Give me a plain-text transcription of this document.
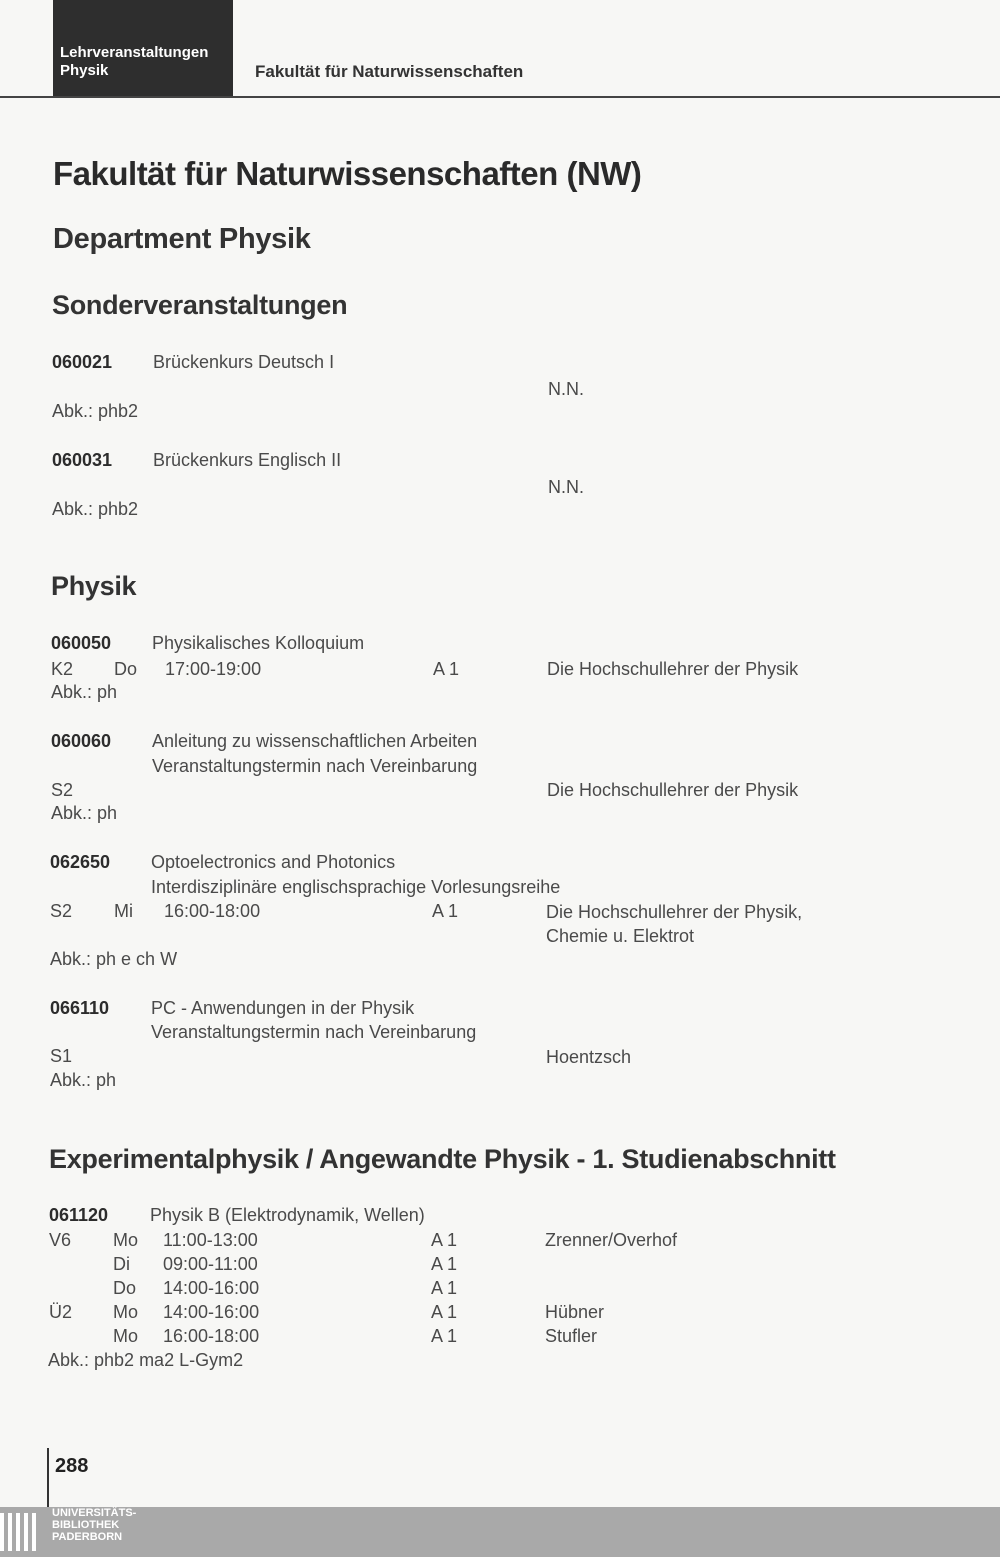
Lehrveranstaltungen
Physik	Fakultät für Naturwissenschaften
Fakultät für Naturwissenschaften (NW)
Department Physik
Sonderveranstaltungen
060021 Brückenkurs Deutsch I
N.N.
Abk.: phb2
060031 Brückenkurs Englisch II
N.N.
Abk.: phb2
Physik
060050 Physikalisches Kolloquium
K2 Do 17:00-19:00	A 1	Die Hochschullehrer der Physik
Abk.: ph
060060 Anleitung zu wissenschaftlichen Arbeiten
Veranstaltungstermin nach Vereinbarung
S2	Die Hochschullehrer der Physik
Abk.: ph
062650 Optoelectronics and Photonics
Interdisziplinäre englischsprachige Vorlesungsreihe
S2 Mi 16:00-18:00	A 1	Die Hochschullehrer der Physik,
Chemie u. Elektrot
Abk.: ph e ch W
066110 PC - Anwendungen in der Physik
Veranstaltungstermin nach Vereinbarung
S1	Hoentzsch
Abk.: ph
Experimentalphysik / Angewandte Physik - 1. Studienabschnitt
061120 Physik B (Elektrodynamik, Wellen)
V6 Mo 11:00-13:00	A 1	Zrenner/Overhof
Di 09:00-11:00	A 1
Do 14:00-16:00	A 1
Ü2 Mo 14:00-16:00	A 1	Hübner
Mo 16:00-18:00	A 1	Stufler
Abk.: phb2 ma2 L-Gym2
288
UNIVERSITÄTS-
BIBLIOTHEK
PADERBORN
